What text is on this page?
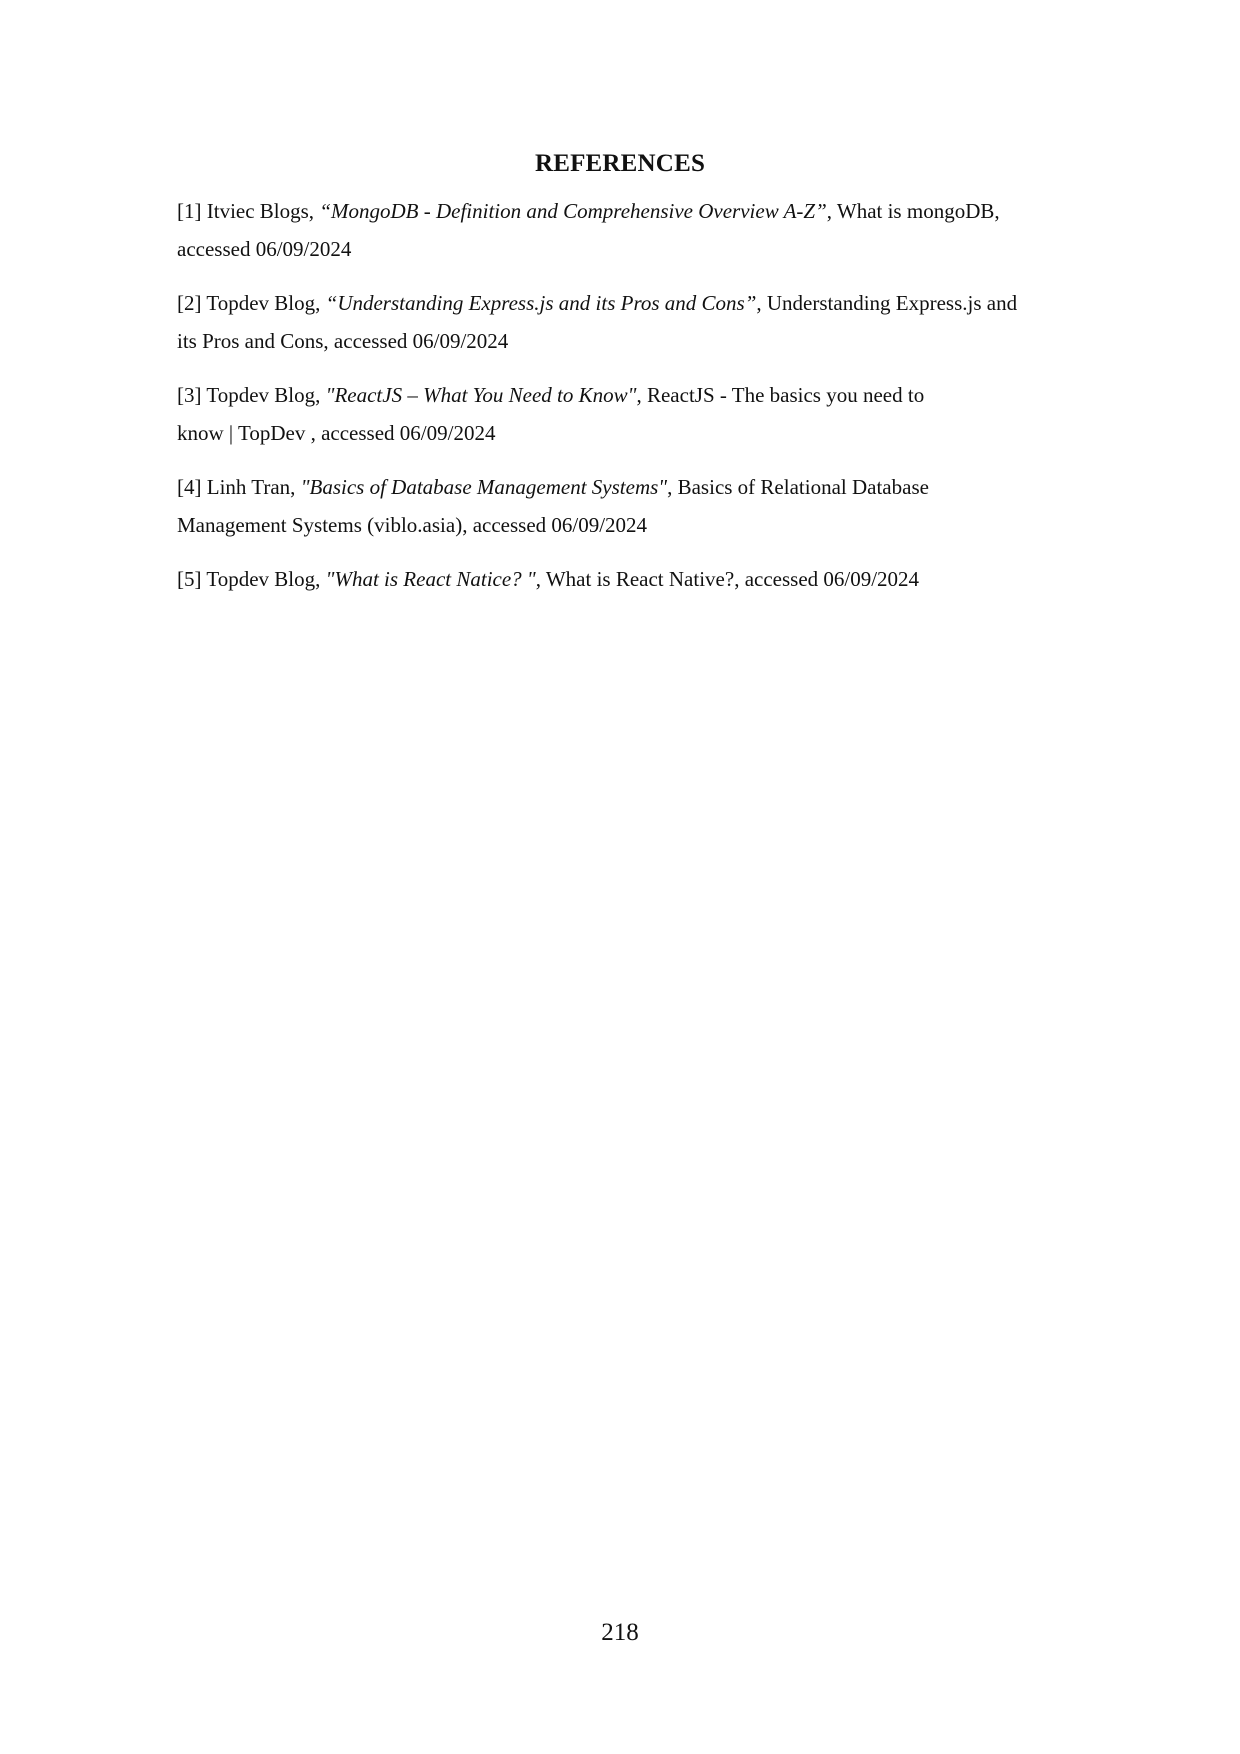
REFERENCES
[1] Itviec Blogs, “MongoDB - Definition and Comprehensive Overview A-Z”, What is mongoDB,
accessed 06/09/2024
[2] Topdev Blog, “Understanding Express.js and its Pros and Cons”, Understanding Express.js and
its Pros and Cons, accessed 06/09/2024
[3] Topdev Blog, "ReactJS – What You Need to Know", ReactJS - The basics you need to
know | TopDev , accessed 06/09/2024
[4] Linh Tran, "Basics of Database Management Systems", Basics of Relational Database
Management Systems (viblo.asia), accessed 06/09/2024
[5] Topdev Blog, "What is React Natice? ", What is React Native?, accessed 06/09/2024
218
